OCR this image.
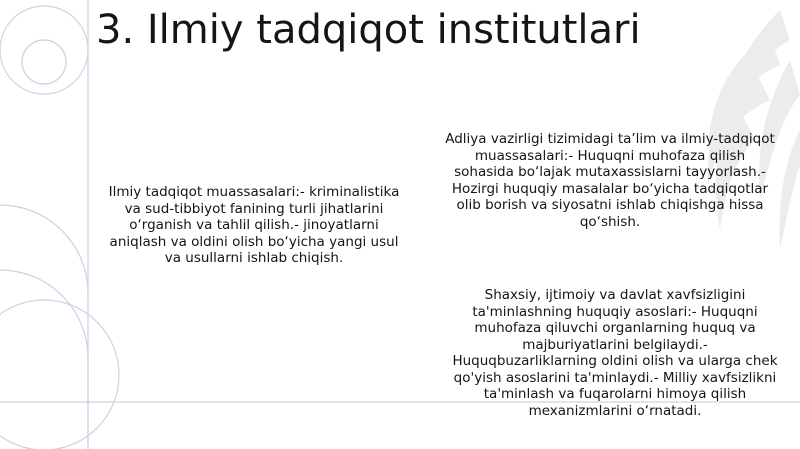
3. Ilmiy tadqiqot institutlari
Ilmiy tadqiqot muassasalari:- kriminalistika
va sud-tibbiyot fanining turli jihatlarini
o‘rganish va tahlil qilish.- jinoyatlarni
aniqlash va oldini olish bo‘yicha yangi usul
va usullarni ishlab chiqish.
Adliya vazirligi tizimidagi ta’lim va ilmiy-tadqiqot
muassasalari:- Huquqni muhofaza qilish
sohasida bo‘lajak mutaxassislarni tayyorlash.-
Hozirgi huquqiy masalalar bo‘yicha tadqiqotlar
olib borish va siyosatni ishlab chiqishga hissa
qo‘shish.
Shaxsiy, ijtimoiy va davlat xavfsizligini
ta'minlashning huquqiy asoslari:- Huquqni
muhofaza qiluvchi organlarning huquq va
majburiyatlarini belgilaydi.-
Huquqbuzarliklarning oldini olish va ularga chek
qo'yish asoslarini ta'minlaydi.- Milliy xavfsizlikni
ta'minlash va fuqarolarni himoya qilish
mexanizmlarini o‘rnatadi.
